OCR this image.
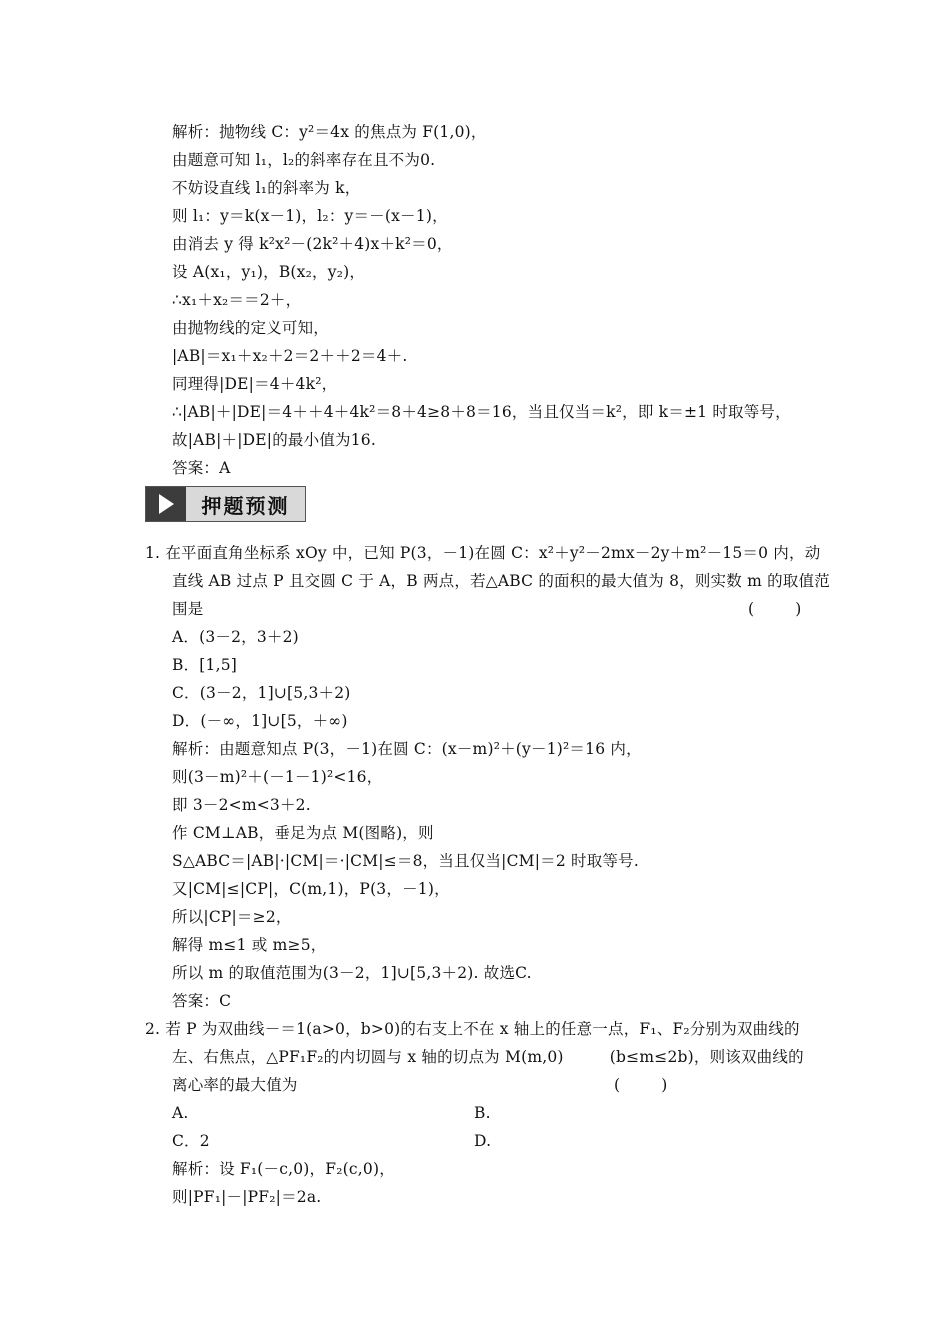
解析：抛物线 C：y²＝4x 的焦点为 F(1,0)，
由题意可知 l₁，l₂的斜率存在且不为0.
不妨设直线 l₁的斜率为 k，
则 l₁：y＝k(x－1)，l₂：y＝－(x－1)，
由消去 y 得 k²x²－(2k²＋4)x＋k²＝0，
设 A(x₁，y₁)，B(x₂，y₂)，
∴x₁＋x₂＝＝2＋，
由抛物线的定义可知，
|AB|＝x₁＋x₂＋2＝2＋＋2＝4＋.
同理得|DE|＝4＋4k²，
∴|AB|＋|DE|＝4＋＋4＋4k²＝8＋4≥8＋8＝16，当且仅当＝k²，即 k＝±1 时取等号，
故|AB|＋|DE|的最小值为16.
答案：A
押题预测
1. 在平面直角坐标系 xOy 中，已知 P(3，－1)在圆 C：x²＋y²－2mx－2y＋m²－15＝0 内，动
直线 AB 过点 P 且交圆 C 于 A，B 两点，若△ABC 的面积的最大值为 8，则实数 m 的取值范
围是	(        )
A．(3－2，3＋2)
B．[1,5]
C．(3－2，1]∪[5,3＋2)
D．(－∞，1]∪[5，＋∞)
解析：由题意知点 P(3，－1)在圆 C：(x－m)²＋(y－1)²＝16 内，
则(3－m)²＋(－1－1)²<16，
即 3－2<m<3＋2.
作 CM⊥AB，垂足为点 M(图略)，则
S△ABC＝|AB|·|CM|＝·|CM|≤＝8，当且仅当|CM|＝2 时取等号.
又|CM|≤|CP|，C(m,1)，P(3，－1)，
所以|CP|＝≥2，
解得 m≤1 或 m≥5，
所以 m 的取值范围为(3－2，1]∪[5,3＋2). 故选C.
答案：C
2. 若 P 为双曲线－＝1(a>0，b>0)的右支上不在 x 轴上的任意一点，F₁、F₂分别为双曲线的
左、右焦点，△PF₁F₂的内切圆与 x 轴的切点为 M(m,0)         (b≤m≤2b)，则该双曲线的
离心率的最大值为	(        )
A.	B.
C．2	D.
解析：设 F₁(－c,0)，F₂(c,0)，
则|PF₁|－|PF₂|＝2a.
